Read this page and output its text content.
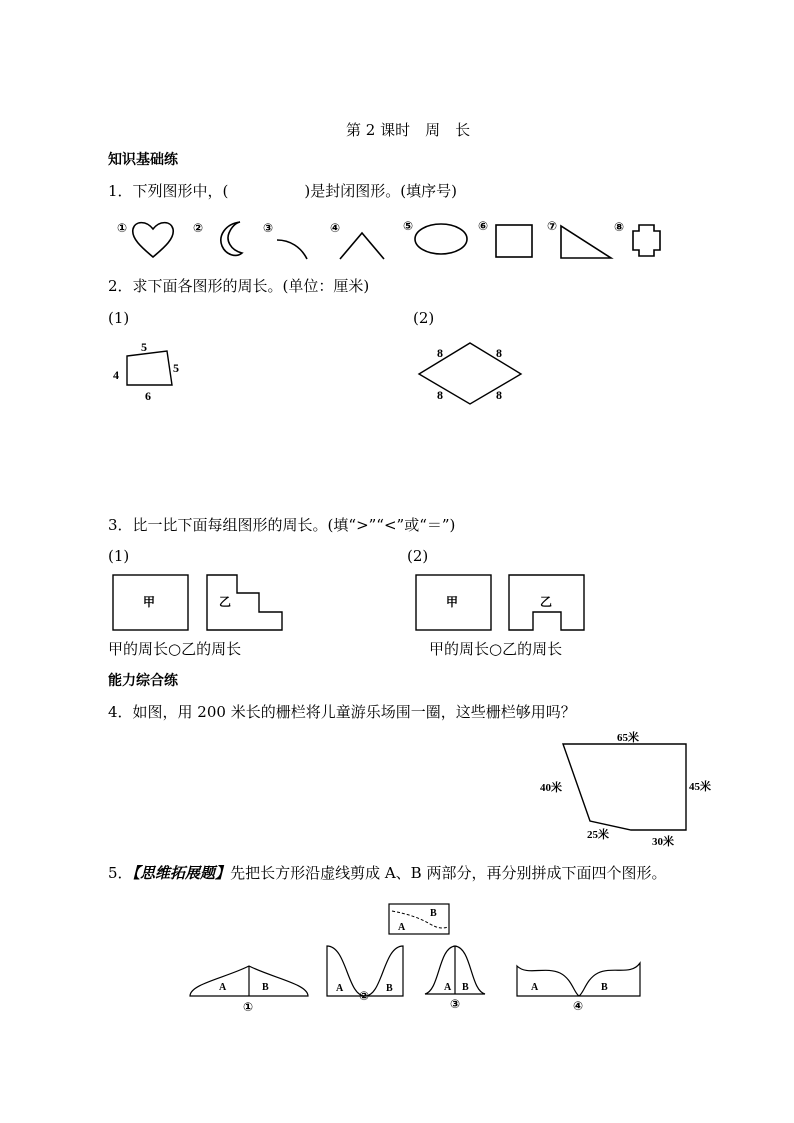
第 2 课时　周　长
知识基础练
1．下列图形中，(	)是封闭图形。(填序号)
①	②	③	④	⑤	⑥	⑦	⑧
5
4	5
6
8	8
8	8
甲	乙	甲	乙
65米
45米
40米
25米
30米
A
B
A	B
①
A	B
②
A B
③
A	B
④
2．求下面各图形的周长。(单位：厘米)
(1)	(2)
3．比一比下面每组图形的周长。(填“>”“<”或“＝”)
(1)	(2)
甲的周长○乙的周长	甲的周长○乙的周长
能力综合练
4．如图，用 200 米长的栅栏将儿童游乐场围一圈，这些栅栏够用吗？
5．【思维拓展题】先把长方形沿虚线剪成 A、B 两部分，再分别拼成下面四个图形。
